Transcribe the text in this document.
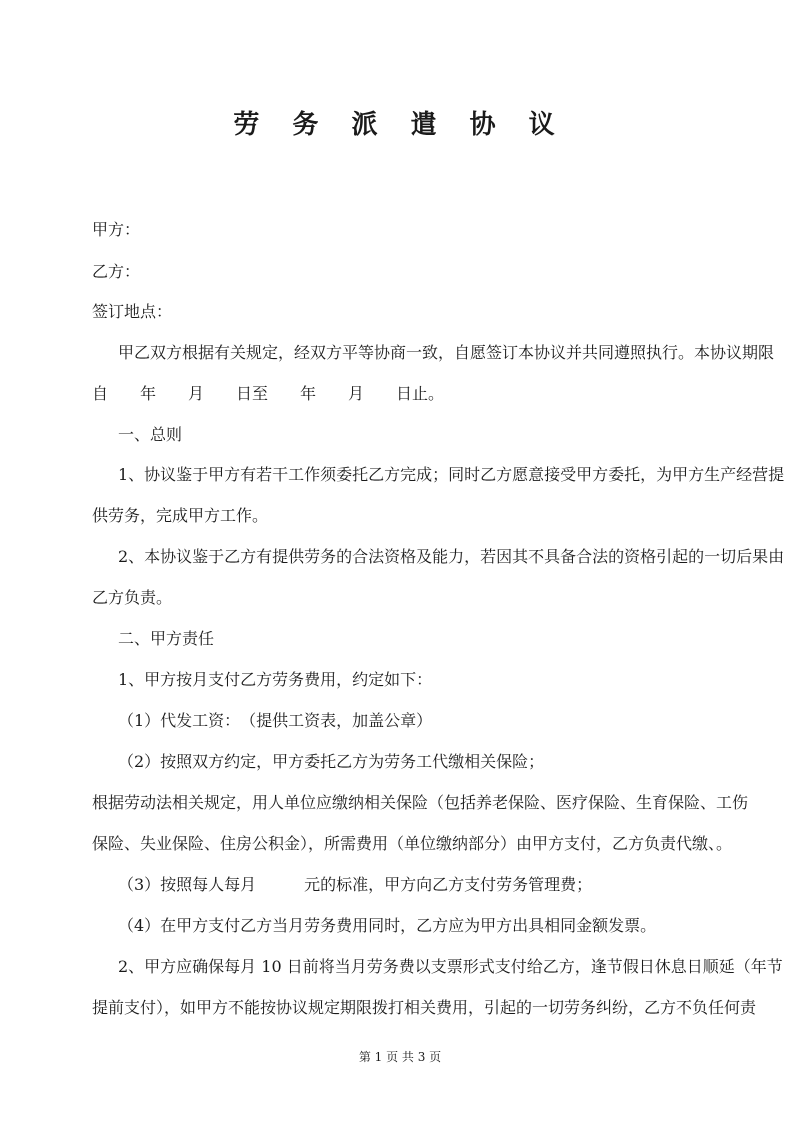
劳 务 派 遣 协 议
甲方：
乙方：
签订地点：
甲乙双方根据有关规定，经双方平等协商一致，自愿签订本协议并共同遵照执行。本协议期限
自　　年　　月　　日至　　年　　月　　日止。
一、总则
1、协议鉴于甲方有若干工作须委托乙方完成；同时乙方愿意接受甲方委托，为甲方生产经营提
供劳务，完成甲方工作。
2、本协议鉴于乙方有提供劳务的合法资格及能力，若因其不具备合法的资格引起的一切后果由
乙方负责。
二、甲方责任
1、甲方按月支付乙方劳务费用，约定如下：
（1）代发工资：　（提供工资表，加盖公章）
（2）按照双方约定，甲方委托乙方为劳务工代缴相关保险；
根据劳动法相关规定，用人单位应缴纳相关保险（包括养老保险、医疗保险、生育保险、工伤
保险、失业保险、住房公积金），所需费用（单位缴纳部分）由甲方支付，乙方负责代缴、。
（3）按照每人每月　　　元的标准，甲方向乙方支付劳务管理费；
（4）在甲方支付乙方当月劳务费用同时，乙方应为甲方出具相同金额发票。
2、甲方应确保每月 10 日前将当月劳务费以支票形式支付给乙方，逢节假日休息日顺延（年节
提前支付），如甲方不能按协议规定期限拨打相关费用，引起的一切劳务纠纷，乙方不负任何责
第 1 页 共 3 页
